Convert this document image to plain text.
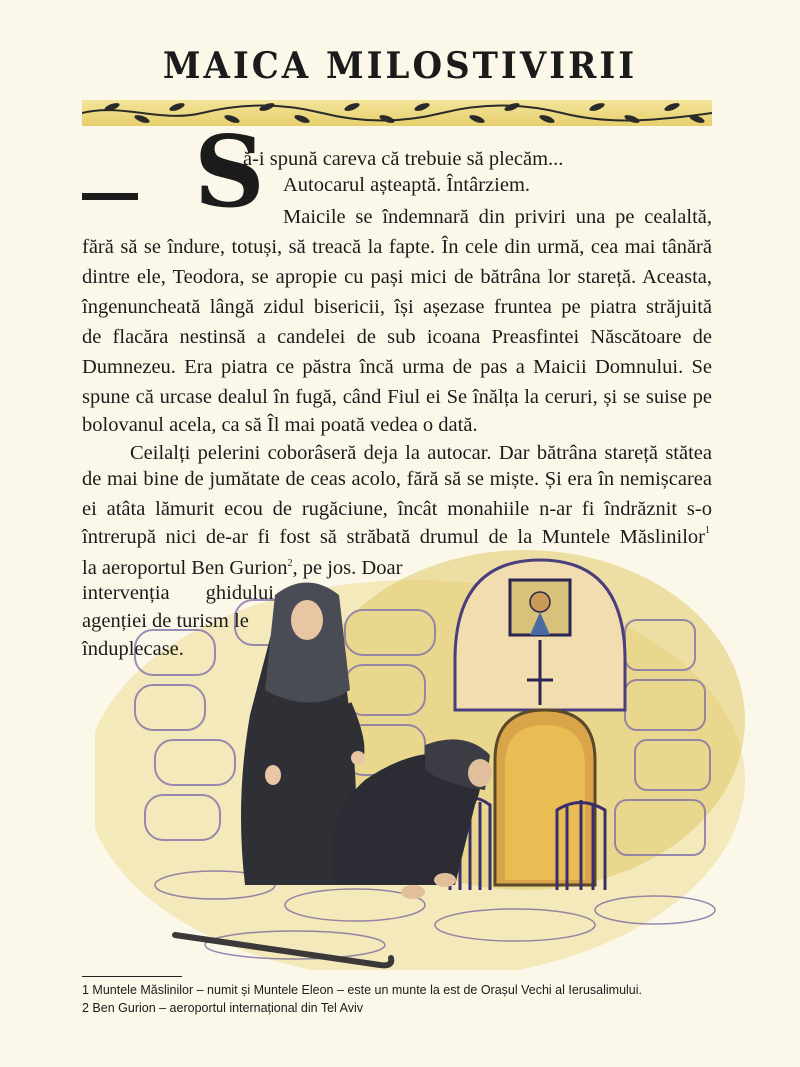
MAICA MILOSTIVIRII
S
ă-i spună careva că trebuie să plecăm...
Autocarul așteaptă. Întârziem.
Maicile se îndemnară din priviri una pe cealaltă,
fără să se îndure, totuși, să treacă la fapte. În cele din urmă, cea mai tânără
dintre ele, Teodora, se apropie cu pași mici de bătrâna lor stareță. Aceasta,
îngenuncheată lângă zidul bisericii, își așezase fruntea pe piatra străjuită
de flacăra nestinsă a candelei de sub icoana Preasfintei Născătoare de
Dumnezeu. Era piatra ce păstra încă urma de pas a Maicii Domnului. Se
spune că urcase dealul în fugă, când Fiul ei Se înălța la ceruri, și se suise pe
bolovanul acela, ca să Îl mai poată vedea o dată.
Ceilalți pelerini coborâseră deja la autocar. Dar bătrâna stareță stătea
de mai bine de jumătate de ceas acolo, fără să se miște. Și era în nemișcarea
ei atâta lămurit ecou de rugăciune, încât monahiile n-ar fi îndrăznit s-o
întrerupă nici de-ar fi fost să străbată drumul de la Muntele Măslinilor 1
la aeroportul Ben Gurion$^2$, pe jos. Doar
intervenția ghidului
agenției de turism le
înduplecase.
1 Muntele Măslinilor – numit și Muntele Eleon – este un munte la est de Orașul Vechi al Ierusalimului.
2 Ben Gurion – aeroportul internațional din Tel Aviv
